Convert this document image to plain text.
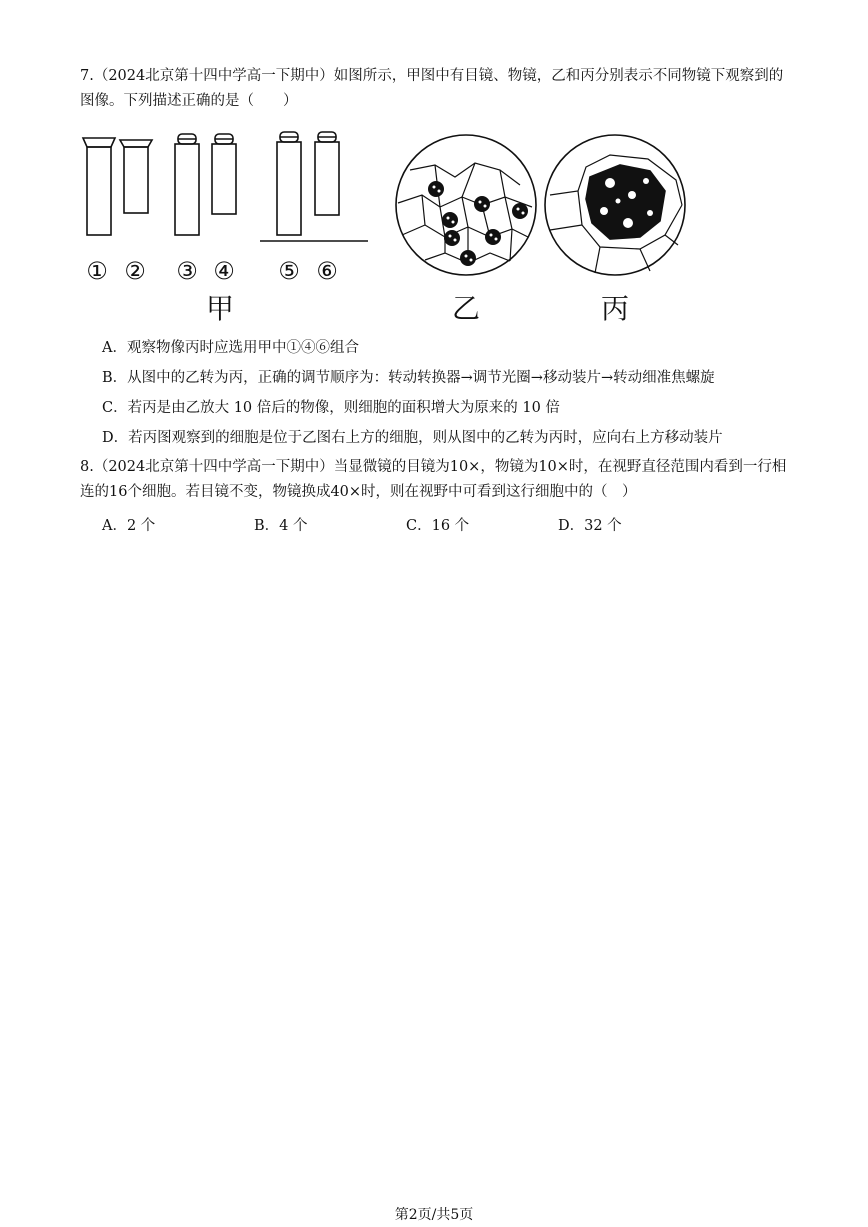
7.（2024北京第十四中学高一下期中）如图所示，甲图中有目镜、物镜，乙和丙分别表示不同物镜下观察到的图像。下列描述正确的是（　　）
① ② ③ ④ ⑤ ⑥
甲	乙	丙
A．观察物像丙时应选用甲中①④⑥组合
B．从图中的乙转为丙，正确的调节顺序为：转动转换器→调节光圈→移动装片→转动细准焦螺旋
C．若丙是由乙放大 10 倍后的物像，则细胞的面积增大为原来的 10 倍
D．若丙图观察到的细胞是位于乙图右上方的细胞，则从图中的乙转为丙时，应向右上方移动装片
8.（2024北京第十四中学高一下期中）当显微镜的目镜为10×，物镜为10×时，在视野直径范围内看到一行相连的16个细胞。若目镜不变，物镜换成40×时，则在视野中可看到这行细胞中的（　）
A．2 个	B．4 个	C．16 个	D．32 个
第2页/共5页
